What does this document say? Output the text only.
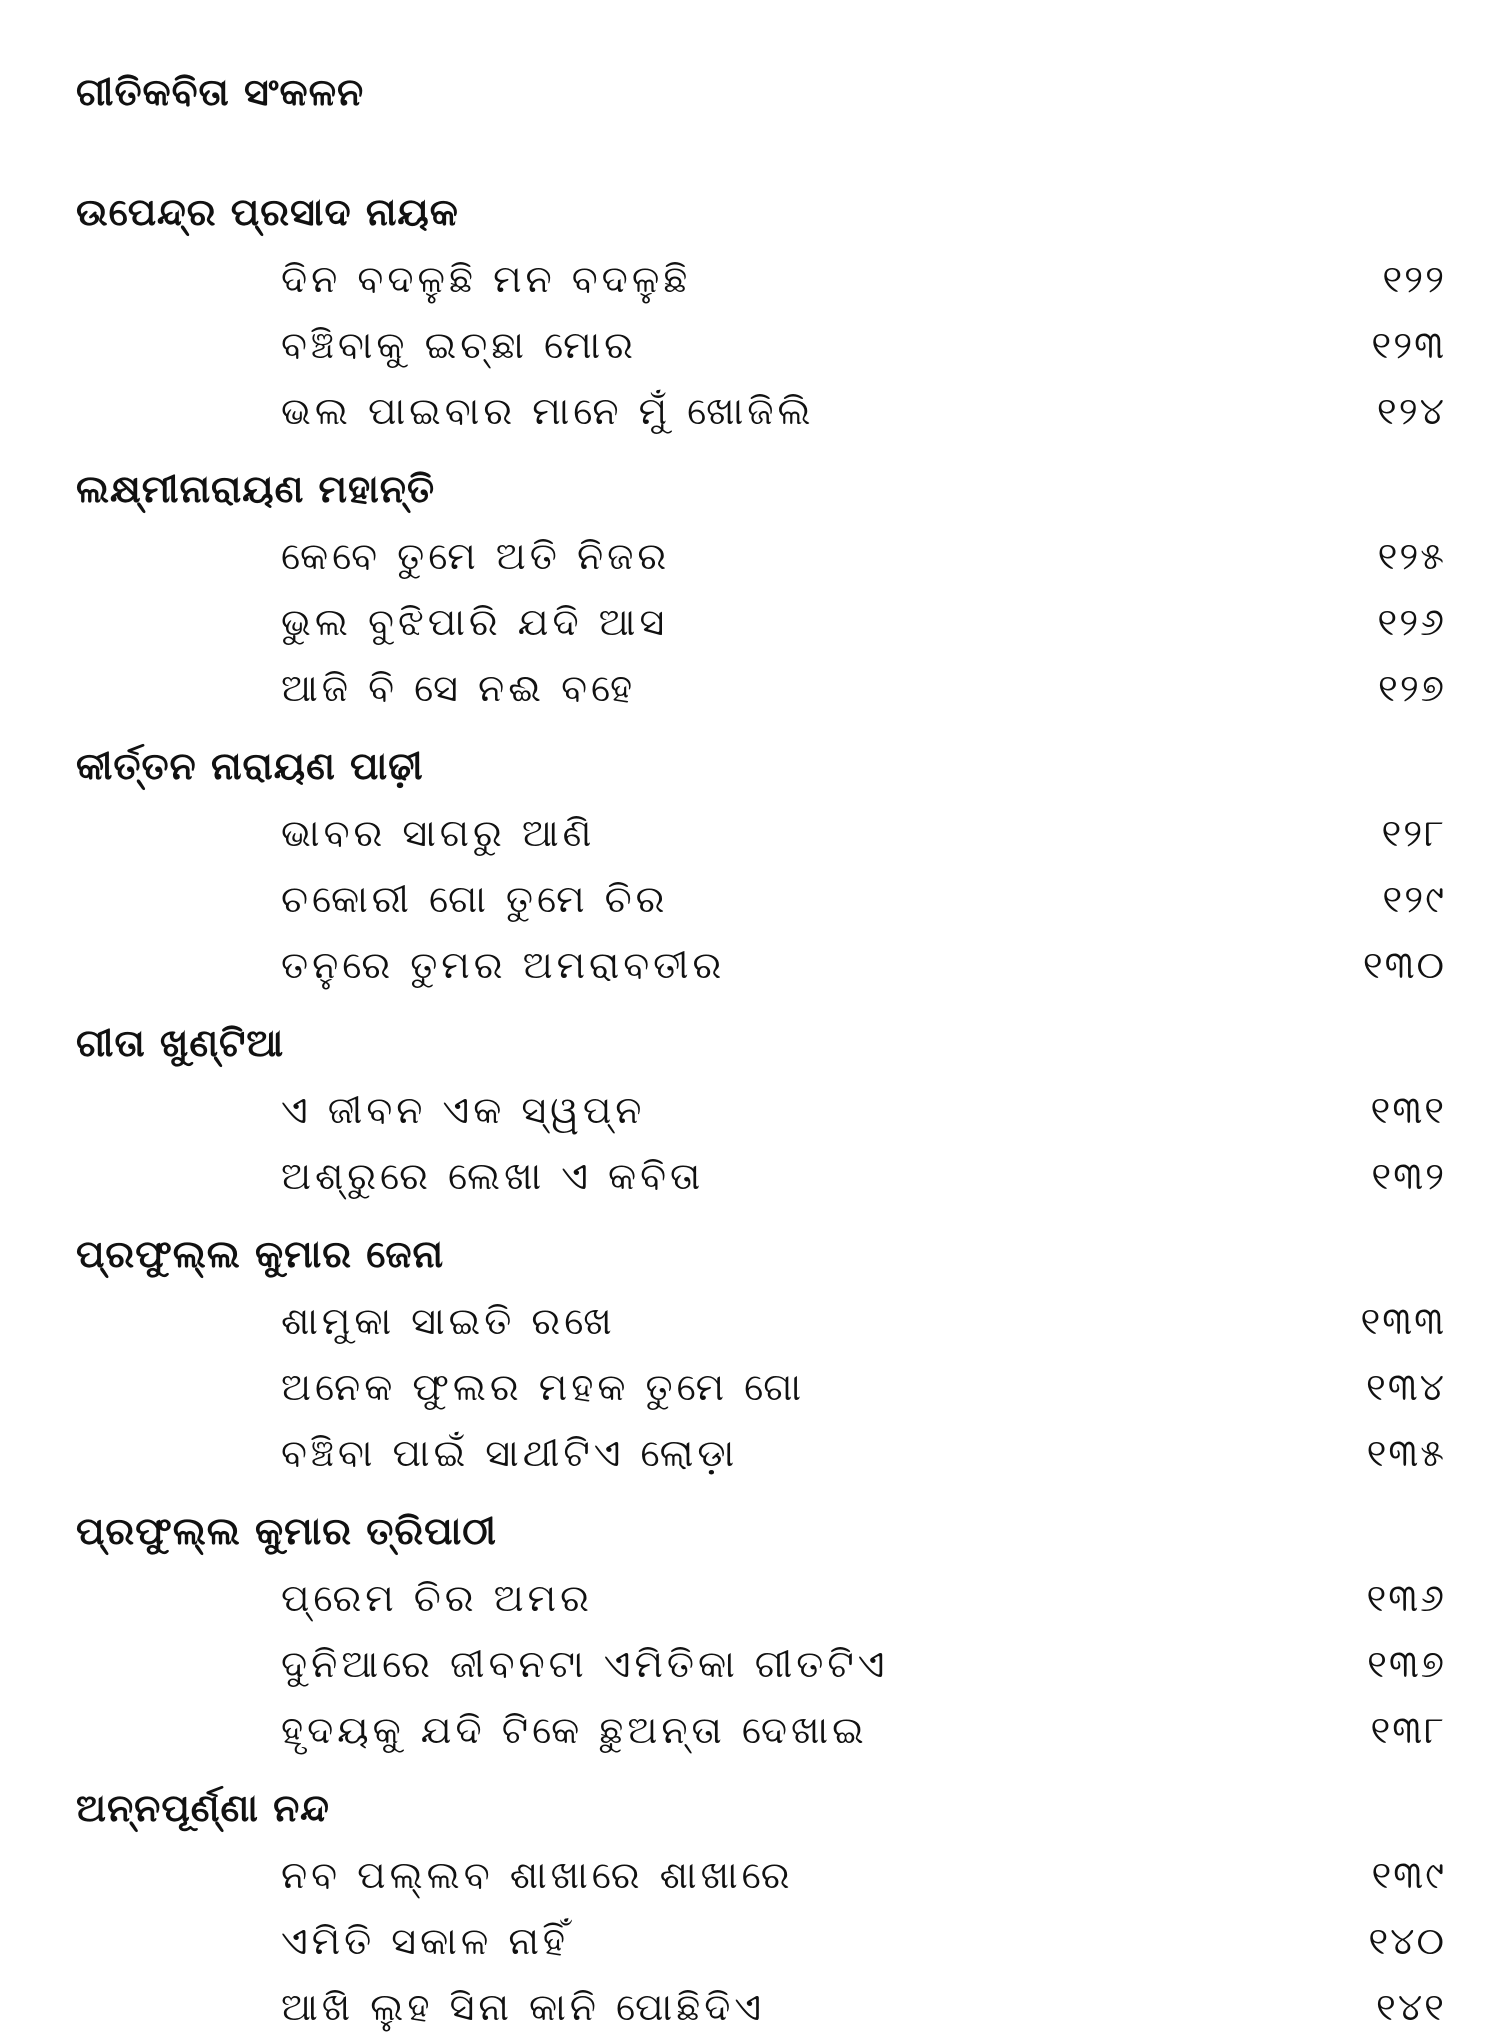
ଗୀତିକବିତା ସଂକଳନ
ଉପେନ୍ଦ୍ର ପ୍ରସାଦ ନାୟକ
ଦିନ ବଦଳୁଛି ମନ ବଦଳୁଛି	୧୨୨
ବଞ୍ଚିବାକୁ ଇଚ୍ଛା ମୋର	୧୨୩
ଭଲ ପାଇବାର ମାନେ ମୁଁ ଖୋଜିଲି	୧୨୪
ଲକ୍ଷ୍ମୀନାରାୟଣ ମହାନ୍ତି
କେବେ ତୁମେ ଅତି ନିଜର	୧୨୫
ଭୁଲ ବୁଝିପାରି ଯଦି ଆସ	୧୨୬
ଆଜି ବି ସେ ନଈ ବହେ	୧୨୭
କୀର୍ତ୍ତନ ନାରାୟଣ ପାଢ଼ୀ
ଭାବର ସାଗରୁ ଆଣି	୧୨୮
ଚକୋରୀ ଗୋ ତୁମେ ଚିର	୧୨୯
ତନୁରେ ତୁମର ଅମରାବତୀର	୧୩୦
ଗୀତା ଖୁଣ୍ଟିଆ
ଏ ଜୀବନ ଏକ ସ୍ୱପ୍ନ	୧୩୧
ଅଶ୍ରୁରେ ଲେଖା ଏ କବିତା	୧୩୨
ପ୍ରଫୁଲ୍ଲ କୁମାର ଜେନା
ଶାମୁକା ସାଇତି ରଖେ	୧୩୩
ଅନେକ ଫୁଲର ମହକ ତୁମେ ଗୋ	୧୩୪
ବଞ୍ଚିବା ପାଇଁ ସାଥୀଟିଏ ଲୋଡ଼ା	୧୩୫
ପ୍ରଫୁଲ୍ଲ କୁମାର ତ୍ରିପାଠୀ
ପ୍ରେମ ଚିର ଅମର	୧୩୬
ଦୁନିଆରେ ଜୀବନଟା ଏମିତିକା ଗୀତଟିଏ	୧୩୭
ହୃଦୟକୁ ଯଦି ଟିକେ ଛୁଅନ୍ତା ଦେଖାଇ	୧୩୮
ଅନ୍ନପୂର୍ଣ୍ଣା ନନ୍ଦ
ନବ ପଲ୍ଲବ ଶାଖାରେ ଶାଖାରେ	୧୩୯
ଏମିତି ସକାଳ ନାହିଁ	୧୪୦
ଆଖି ଲୁହ ସିନା କାନି ପୋଛିଦିଏ	୧୪୧
